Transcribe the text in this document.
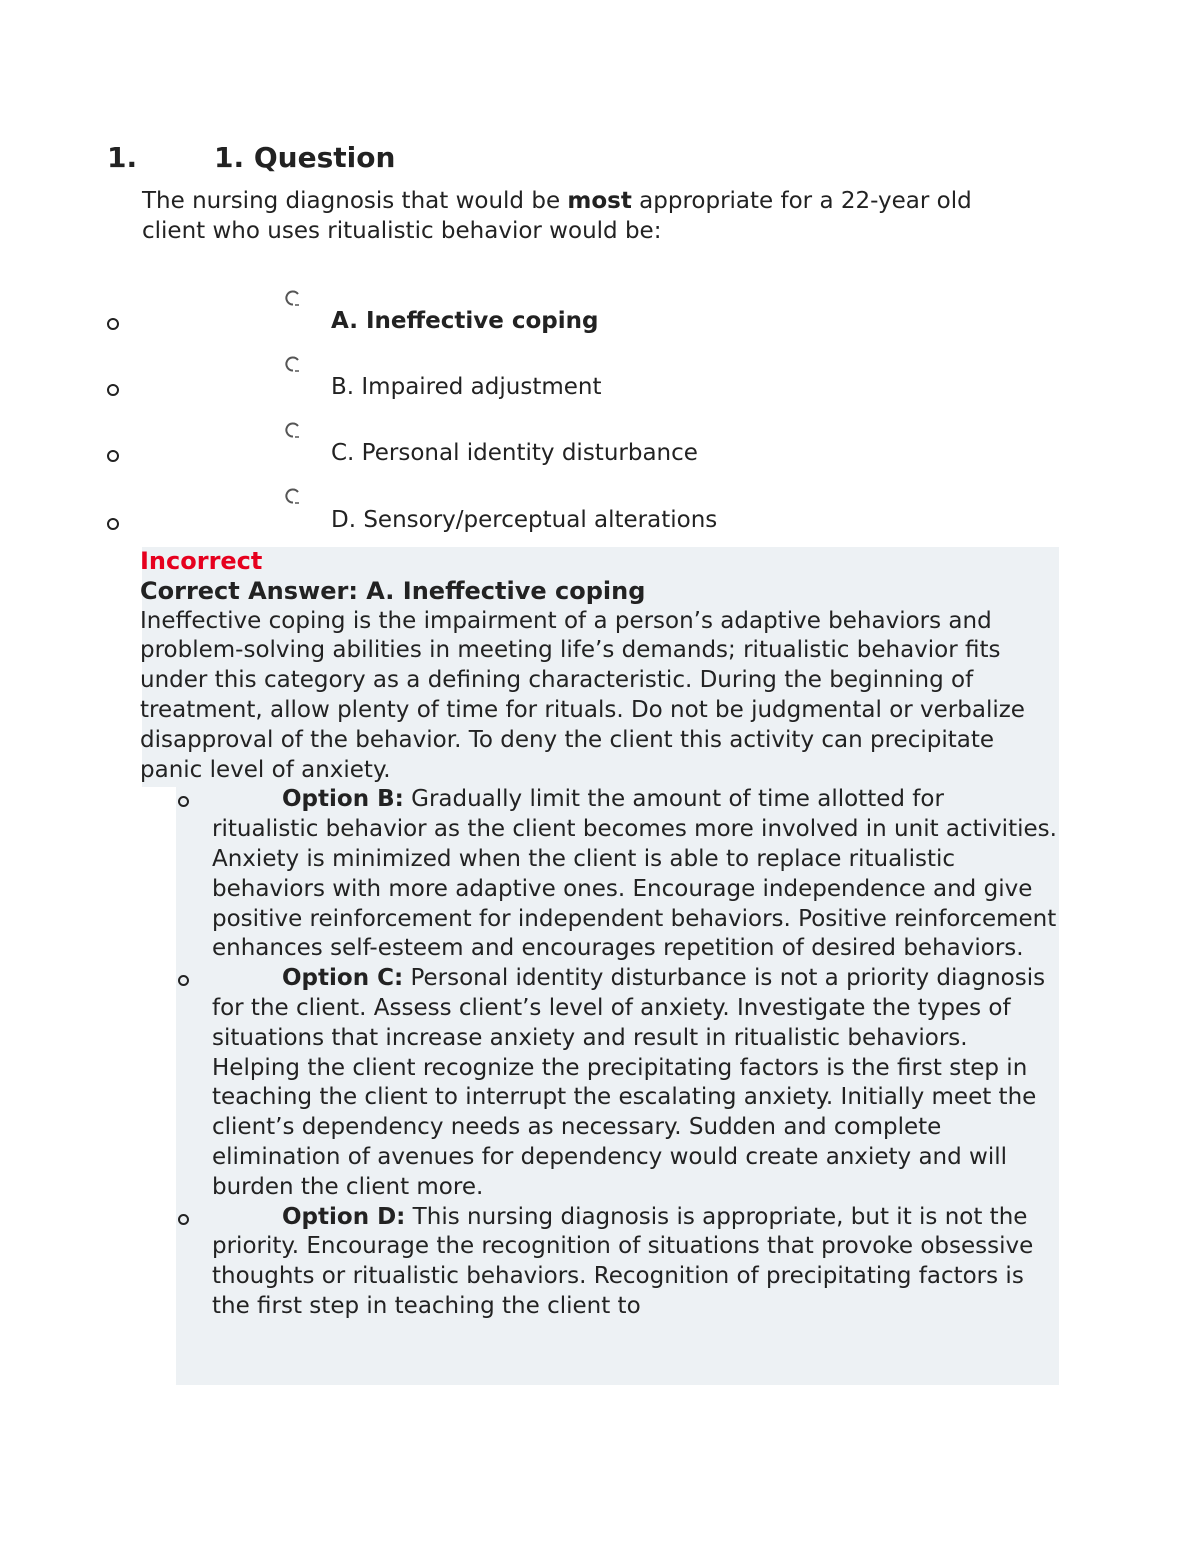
1.	1. Question
The nursing diagnosis that would be most appropriate for a 22-year old client who uses ritualistic behavior would be:
A. Ineffective coping
B. Impaired adjustment
C. Personal identity disturbance
D. Sensory/perceptual alterations
Incorrect
Correct Answer: A. Ineffective coping
Ineffective coping is the impairment of a person’s adaptive behaviors and problem-solving abilities in meeting life’s demands; ritualistic behavior fits under this category as a defining characteristic. During the beginning of treatment, allow plenty of time for rituals. Do not be judgmental or verbalize disapproval of the behavior. To deny the client this activity can precipitate panic level of anxiety.
Option B: Gradually limit the amount of time allotted for ritualistic behavior as the client becomes more involved in unit activities. Anxiety is minimized when the client is able to replace ritualistic behaviors with more adaptive ones. Encourage independence and give positive reinforcement for independent behaviors. Positive reinforcement enhances self-esteem and encourages repetition of desired behaviors.
Option C: Personal identity disturbance is not a priority diagnosis for the client. Assess client’s level of anxiety. Investigate the types of situations that increase anxiety and result in ritualistic behaviors. Helping the client recognize the precipitating factors is the first step in teaching the client to interrupt the escalating anxiety. Initially meet the client’s dependency needs as necessary. Sudden and complete elimination of avenues for dependency would create anxiety and will burden the client more.
Option D: This nursing diagnosis is appropriate, but it is not the priority. Encourage the recognition of situations that provoke obsessive thoughts or ritualistic behaviors. Recognition of precipitating factors is the first step in teaching the client to
